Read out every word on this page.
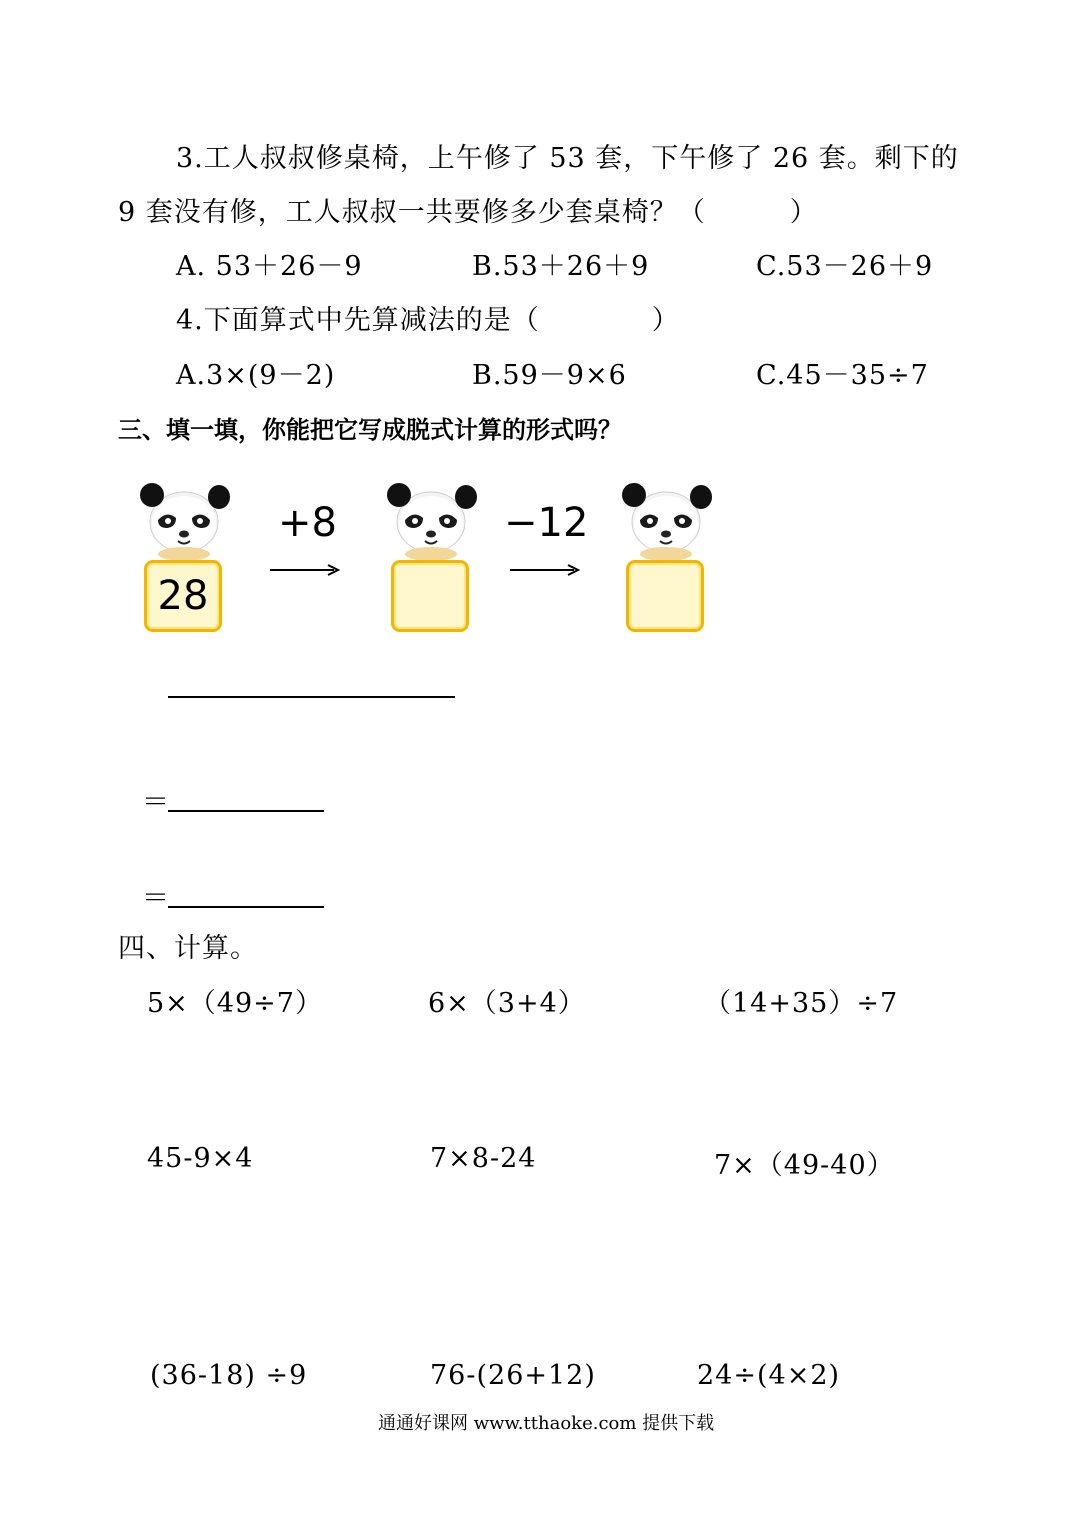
3.工人叔叔修桌椅，上午修了 53 套，下午修了 26 套。剩下的
9 套没有修，工人叔叔一共要修多少套桌椅？（　　　）
A. 53＋26－9	B.53＋26＋9	C.53－26＋9
4.下面算式中先算减法的是（　　　　）
A.3×(9－2)	B.59－9×6	C.45－35÷7
三、填一填，你能把它写成脱式计算的形式吗？
28
+8	−12
＝
＝
四、计算。
5×（49÷7）	6×（3+4）	（14+35）÷7
45-9×4	7×8-24	7×（49-40）
(36-18) ÷9	76-(26+12)	24÷(4×2)
通通好课网 www.tthaoke.com 提供下载
